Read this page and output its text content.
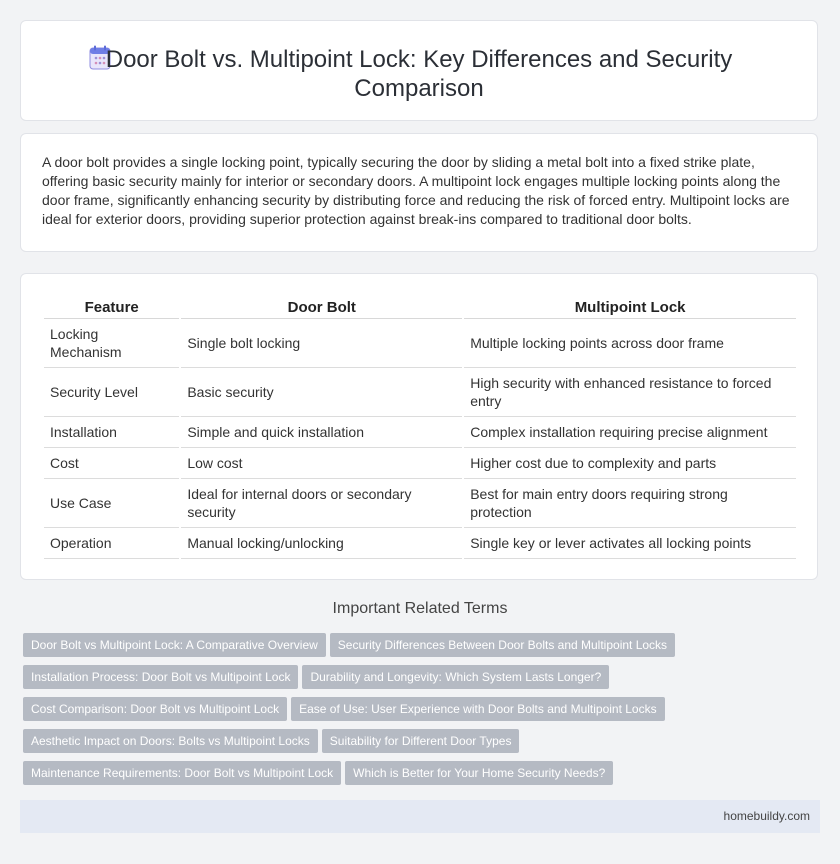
Door Bolt vs. Multipoint Lock: Key Differences and Security Comparison

A door bolt provides a single locking point, typically securing the door by sliding a metal bolt into a fixed strike plate, offering basic security mainly for interior or secondary doors. A multipoint lock engages multiple locking points along the door frame, significantly enhancing security by distributing force and reducing the risk of forced entry. Multipoint locks are ideal for exterior doors, providing superior protection against break-ins compared to traditional door bolts.

Feature	Door Bolt	Multipoint Lock
Locking Mechanism	Single bolt locking	Multiple locking points across door frame
Security Level	Basic security	High security with enhanced resistance to forced entry
Installation	Simple and quick installation	Complex installation requiring precise alignment
Cost	Low cost	Higher cost due to complexity and parts
Use Case	Ideal for internal doors or secondary security	Best for main entry doors requiring strong protection
Operation	Manual locking/unlocking	Single key or lever activates all locking points
Important Related Terms
Door Bolt vs Multipoint Lock: A Comparative Overview Security Differences Between Door Bolts and Multipoint Locks
Installation Process: Door Bolt vs Multipoint Lock Durability and Longevity: Which System Lasts Longer?
Cost Comparison: Door Bolt vs Multipoint Lock Ease of Use: User Experience with Door Bolts and Multipoint Locks
Aesthetic Impact on Doors: Bolts vs Multipoint Locks Suitability for Different Door Types
Maintenance Requirements: Door Bolt vs Multipoint Lock Which is Better for Your Home Security Needs?
homebuildy.com
